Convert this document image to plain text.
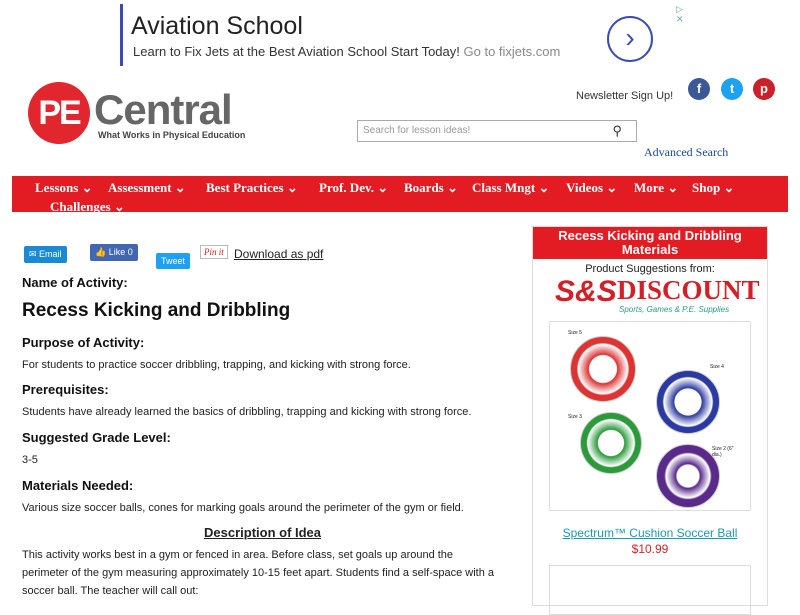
Aviation School
Learn to Fix Jets at the Best Aviation School Start Today! Go to fixjets.com	›
▷ ✕
PE Central
What Works in Physical Education
Newsletter Sign Up!	f	t	p
Search for lesson ideas!	⚲
Advanced Search
Lessons ⌄ Assessment ⌄ Best Practices ⌄ Prof. Dev. ⌄ Boards ⌄ Class Mngt ⌄ Videos ⌄ More ⌄ Shop ⌄
Challenges ⌄
✉ Email	👍 Like 0
Tweet
Pin it Download as pdf
Name of Activity:
Recess Kicking and Dribbling
Purpose of Activity:
For students to practice soccer dribbling, trapping, and kicking with strong force.
Prerequisites:
Students have already learned the basics of dribbling, trapping and kicking with strong force.
Suggested Grade Level:
3-5
Materials Needed:
Various size soccer balls, cones for marking goals around the perimeter of the gym or field.
Description of Idea
This activity works best in a gym or fenced in area. Before class, set goals up around the
perimeter of the gym measuring approximately 10-15 feet apart. Students find a self-space with a
soccer ball. The teacher will call out:
Recess Kicking and Dribbling Materials
Product Suggestions from:
S&S DISCOUNT
Sports, Games & P.E. Supplies
Size 5
Size 4
Size 3
Size 2 (6" dia.)
Spectrum™ Cushion Soccer Ball
$10.99
